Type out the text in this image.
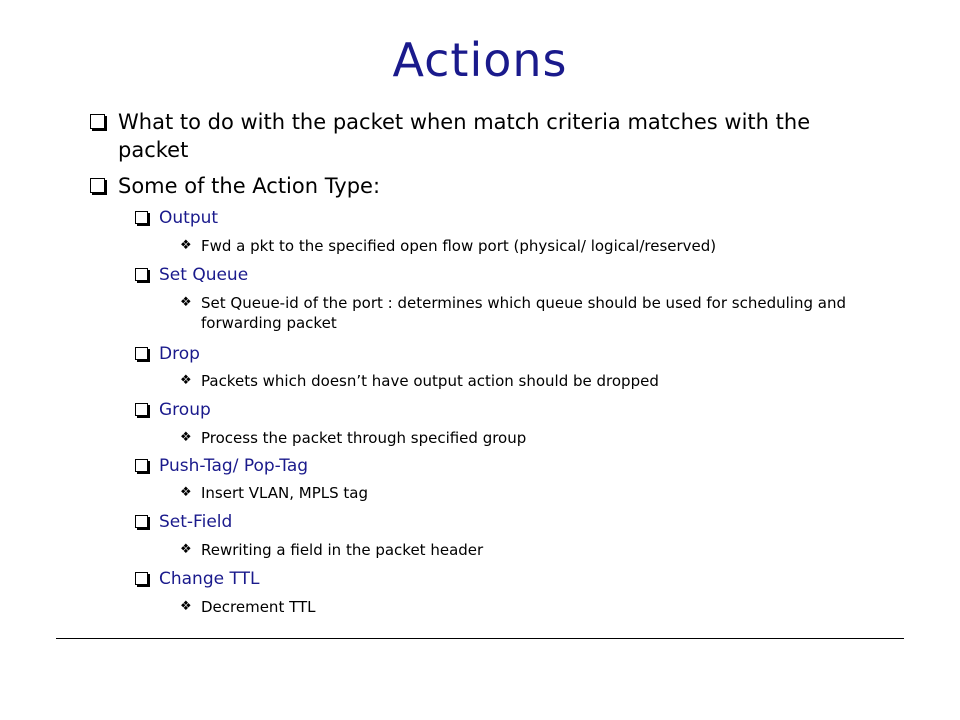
Actions
What to do with the packet when match criteria matches with the packet
Some of the Action Type:
Output
❖ Fwd a pkt to the specified open flow port (physical/ logical/reserved)
Set Queue
❖ Set Queue-id of the port : determines which queue should be used for scheduling and forwarding packet
Drop
❖ Packets which doesn’t have output action should be dropped
Group
❖ Process the packet through specified group
Push-Tag/ Pop-Tag
❖ Insert VLAN, MPLS tag
Set-Field
❖ Rewriting a field in the packet header
Change TTL
❖ Decrement TTL
